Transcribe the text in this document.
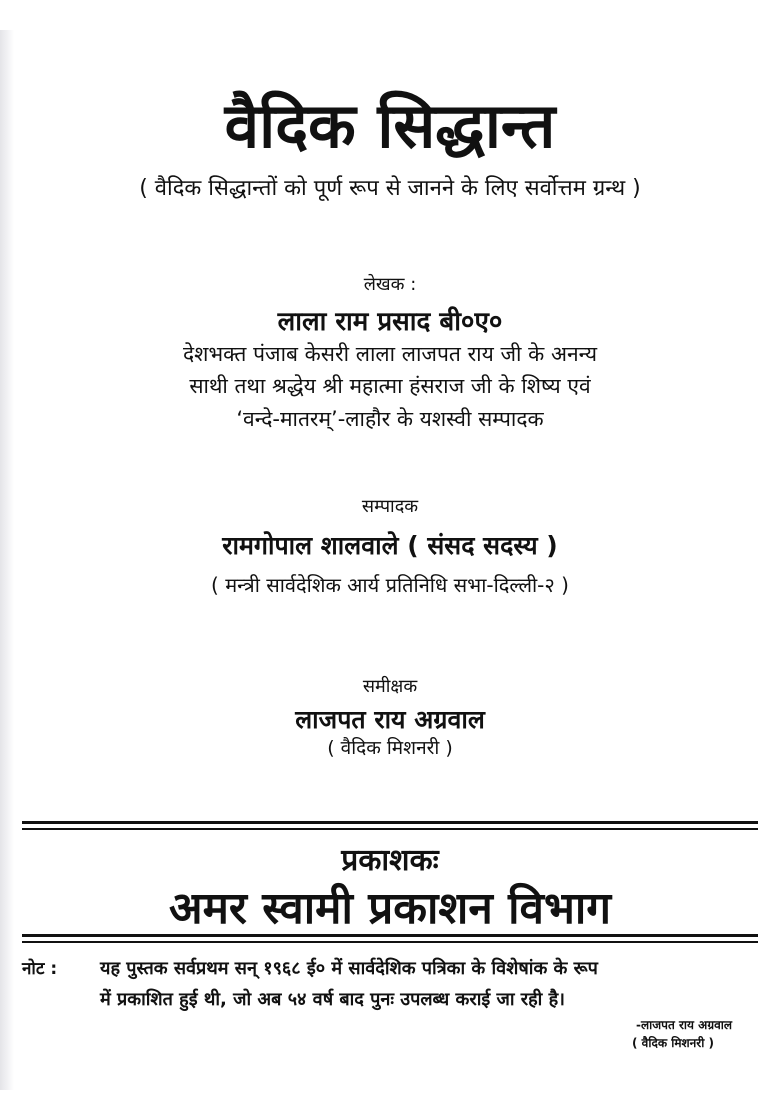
वैदिक सिद्धान्त
( वैदिक सिद्धान्तों को पूर्ण रूप से जानने के लिए सर्वोत्तम ग्रन्थ )
लेखक :
लाला राम प्रसाद बी०ए०
देशभक्त पंजाब केसरी लाला लाजपत राय जी के अनन्य
साथी तथा श्रद्धेय श्री महात्मा हंसराज जी के शिष्य एवं
‘वन्दे-मातरम्’-लाहौर के यशस्वी सम्पादक
सम्पादक
रामगोपाल शालवाले ( संसद सदस्य )
( मन्त्री सार्वदेशिक आर्य प्रतिनिधि सभा-दिल्ली-२ )
समीक्षक
लाजपत राय अग्रवाल
( वैदिक मिशनरी )
प्रकाशकः
अमर स्वामी प्रकाशन विभाग
नोट : यह पुस्तक सर्वप्रथम सन् १९६८ ई० में सार्वदेशिक पत्रिका के विशेषांक के रूप
में प्रकाशित हुई थी, जो अब ५४ वर्ष बाद पुनः उपलब्ध कराई जा रही है।
-लाजपत राय अग्रवाल
( वैदिक मिशनरी )
